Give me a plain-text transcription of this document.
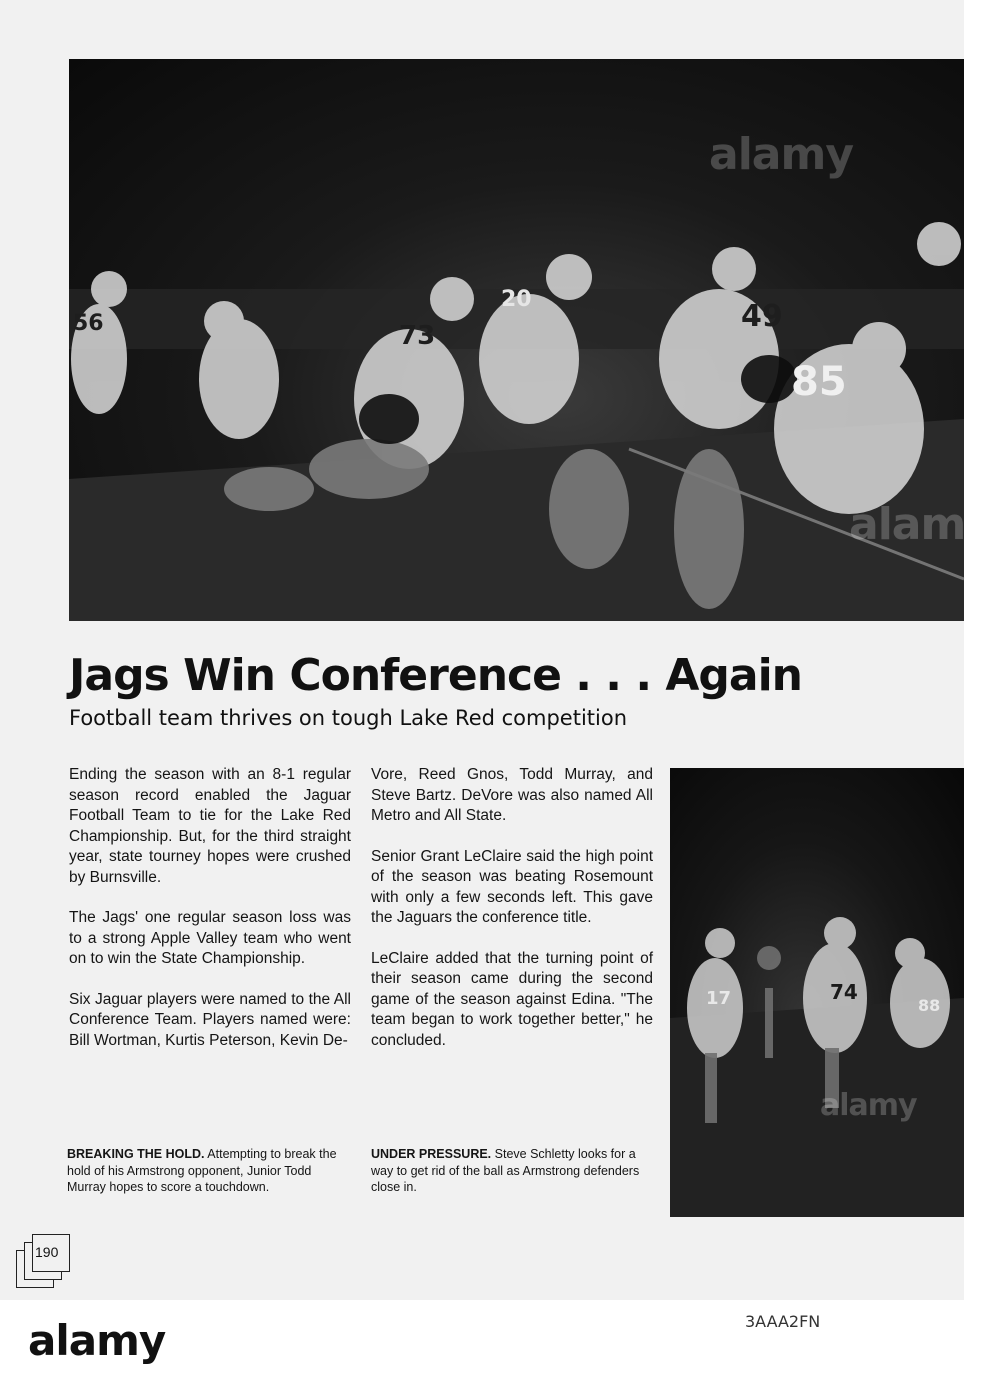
alamy
alamy
56	73
20	49
85
Jags Win Conference . . . Again
Football team thrives on tough Lake Red competition

Ending the season with an 8-1 regular season record enabled the Jaguar Football Team to tie for the Lake Red Championship. But, for the third straight year, state tourney hopes were crushed by Burnsville.

The Jags' one regular season loss was to a strong Apple Valley team who went on to win the State Championship.

Six Jaguar players were named to the All Conference Team. Players named were: Bill Wortman, Kurtis Peterson, Kevin De-

Vore, Reed Gnos, Todd Murray, and Steve Bartz. DeVore was also named All Metro and All State.

Senior Grant LeClaire said the high point of the season was beating Rosemount with only a few seconds left. This gave the Jaguars the conference title.

LeClaire added that the turning point of their season came during the second game of the season against Edina. "The team began to work together better," he concluded.

alamy
17	74
88
BREAKING THE HOLD. Attempting to break the hold of his Armstrong opponent, Junior Todd Murray hopes to score a touchdown.
UNDER PRESSURE. Steve Schletty looks for a way to get rid of the ball as Armstrong defenders close in.
190
alamy	3AAA2FN
